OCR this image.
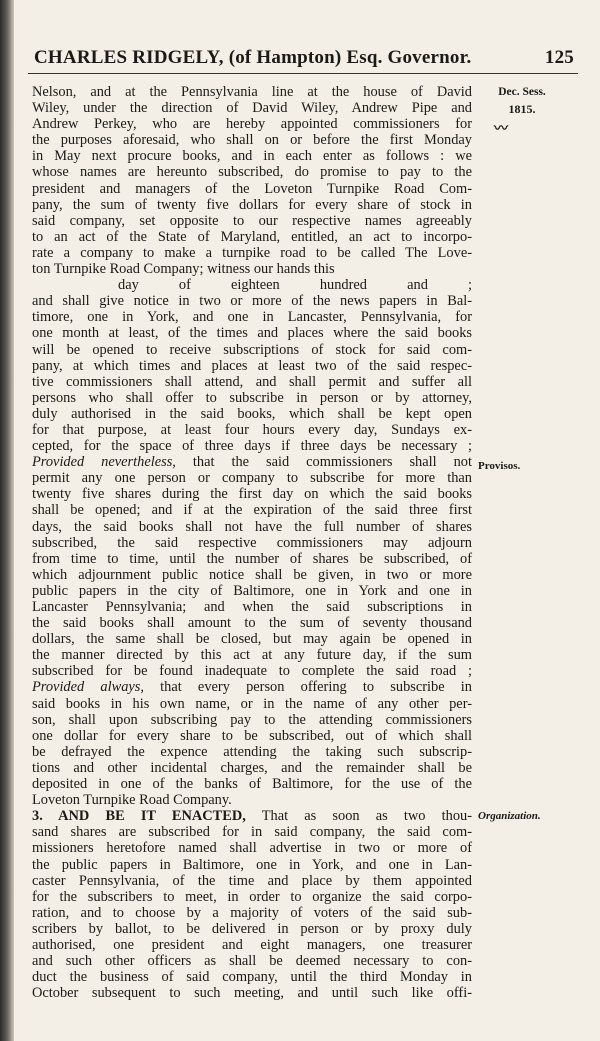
CHARLES RIDGELY, (of Hampton) Esq. Governor.	125
Dec. Sess.
1815.
〰
Provisos.
Organization.
Nelson, and at the Pennsylvania line at the house of David
Wiley, under the direction of David Wiley, Andrew Pipe and
Andrew Perkey, who are hereby appointed commissioners for
the purposes aforesaid, who shall on or before the first Monday
in May next procure books, and in each enter as follows : we
whose names are hereunto subscribed, do promise to pay to the
president and managers of the Loveton Turnpike Road Com-
pany, the sum of twenty five dollars for every share of stock in
said company, set opposite to our respective names agreeably
to an act of the State of Maryland, entitled, an act to incorpo-
rate a company to make a turnpike road to be called The Love-
ton Turnpike Road Company; witness our hands this
day of eighteen hundred and ;
and shall give notice in two or more of the news papers in Bal-
timore, one in York, and one in Lancaster, Pennsylvania, for
one month at least, of the times and places where the said books
will be opened to receive subscriptions of stock for said com-
pany, at which times and places at least two of the said respec-
tive commissioners shall attend, and shall permit and suffer all
persons who shall offer to subscribe in person or by attorney,
duly authorised in the said books, which shall be kept open
for that purpose, at least four hours every day, Sundays ex-
cepted, for the space of three days if three days be necessary ;
Provided nevertheless, that the said commissioners shall not
permit any one person or company to subscribe for more than
twenty five shares during the first day on which the said books
shall be opened; and if at the expiration of the said three first
days, the said books shall not have the full number of shares
subscribed, the said respective commissioners may adjourn
from time to time, until the number of shares be subscribed, of
which adjournment public notice shall be given, in two or more
public papers in the city of Baltimore, one in York and one in
Lancaster Pennsylvania; and when the said subscriptions in
the said books shall amount to the sum of seventy thousand
dollars, the same shall be closed, but may again be opened in
the manner directed by this act at any future day, if the sum
subscribed for be found inadequate to complete the said road ;
Provided always, that every person offering to subscribe in
said books in his own name, or in the name of any other per-
son, shall upon subscribing pay to the attending commissioners
one dollar for every share to be subscribed, out of which shall
be defrayed the expence attending the taking such subscrip-
tions and other incidental charges, and the remainder shall be
deposited in one of the banks of Baltimore, for the use of the
Loveton Turnpike Road Company.
3. AND BE IT ENACTED, That as soon as two thou-
sand shares are subscribed for in said company, the said com-
missioners heretofore named shall advertise in two or more of
the public papers in Baltimore, one in York, and one in Lan-
caster Pennsylvania, of the time and place by them appointed
for the subscribers to meet, in order to organize the said corpo-
ration, and to choose by a majority of voters of the said sub-
scribers by ballot, to be delivered in person or by proxy duly
authorised, one president and eight managers, one treasurer
and such other officers as shall be deemed necessary to con-
duct the business of said company, until the third Monday in
October subsequent to such meeting, and until such like offi-
